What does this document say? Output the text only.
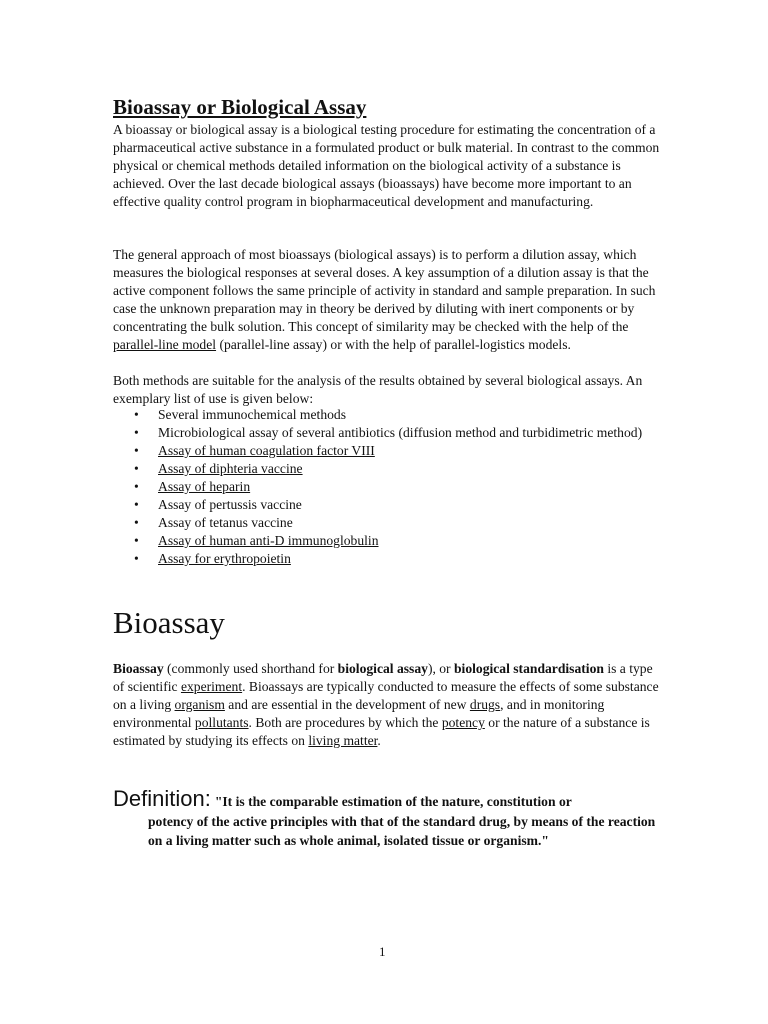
Bioassay or Biological Assay

A bioassay or biological assay is a biological testing procedure for estimating the concentration of a pharmaceutical active substance in a formulated product or bulk material. In contrast to the common physical or chemical methods detailed information on the biological activity of a substance is achieved. Over the last decade biological assays (bioassays) have become more important to an effective quality control program in biopharmaceutical development and manufacturing.

The general approach of most bioassays (biological assays) is to perform a dilution assay, which measures the biological responses at several doses. A key assumption of a dilution assay is that the active component follows the same principle of activity in standard and sample preparation. In such case the unknown preparation may in theory be derived by diluting with inert components or by concentrating the bulk solution. This concept of similarity may be checked with the help of the parallel-line model (parallel-line assay) or with the help of parallel-logistics models.

Both methods are suitable for the analysis of the results obtained by several biological assays. An exemplary list of use is given below:

• Several immunochemical methods
• Microbiological assay of several antibiotics (diffusion method and turbidimetric method)
• Assay of human coagulation factor VIII
• Assay of diphteria vaccine
• Assay of heparin
• Assay of pertussis vaccine
• Assay of tetanus vaccine
• Assay of human anti-D immunoglobulin
• Assay for erythropoietin
Bioassay

Bioassay (commonly used shorthand for biological assay), or biological standardisation is a type of scientific experiment. Bioassays are typically conducted to measure the effects of some substance on a living organism and are essential in the development of new drugs, and in monitoring environmental pollutants. Both are procedures by which the potency or the nature of a substance is estimated by studying its effects on living matter.

Definition: "It is the comparable estimation of the nature, constitution or
potency of the active principles with that of the standard drug, by means of the reaction on a living matter such as whole animal, isolated tissue or organism."
1
